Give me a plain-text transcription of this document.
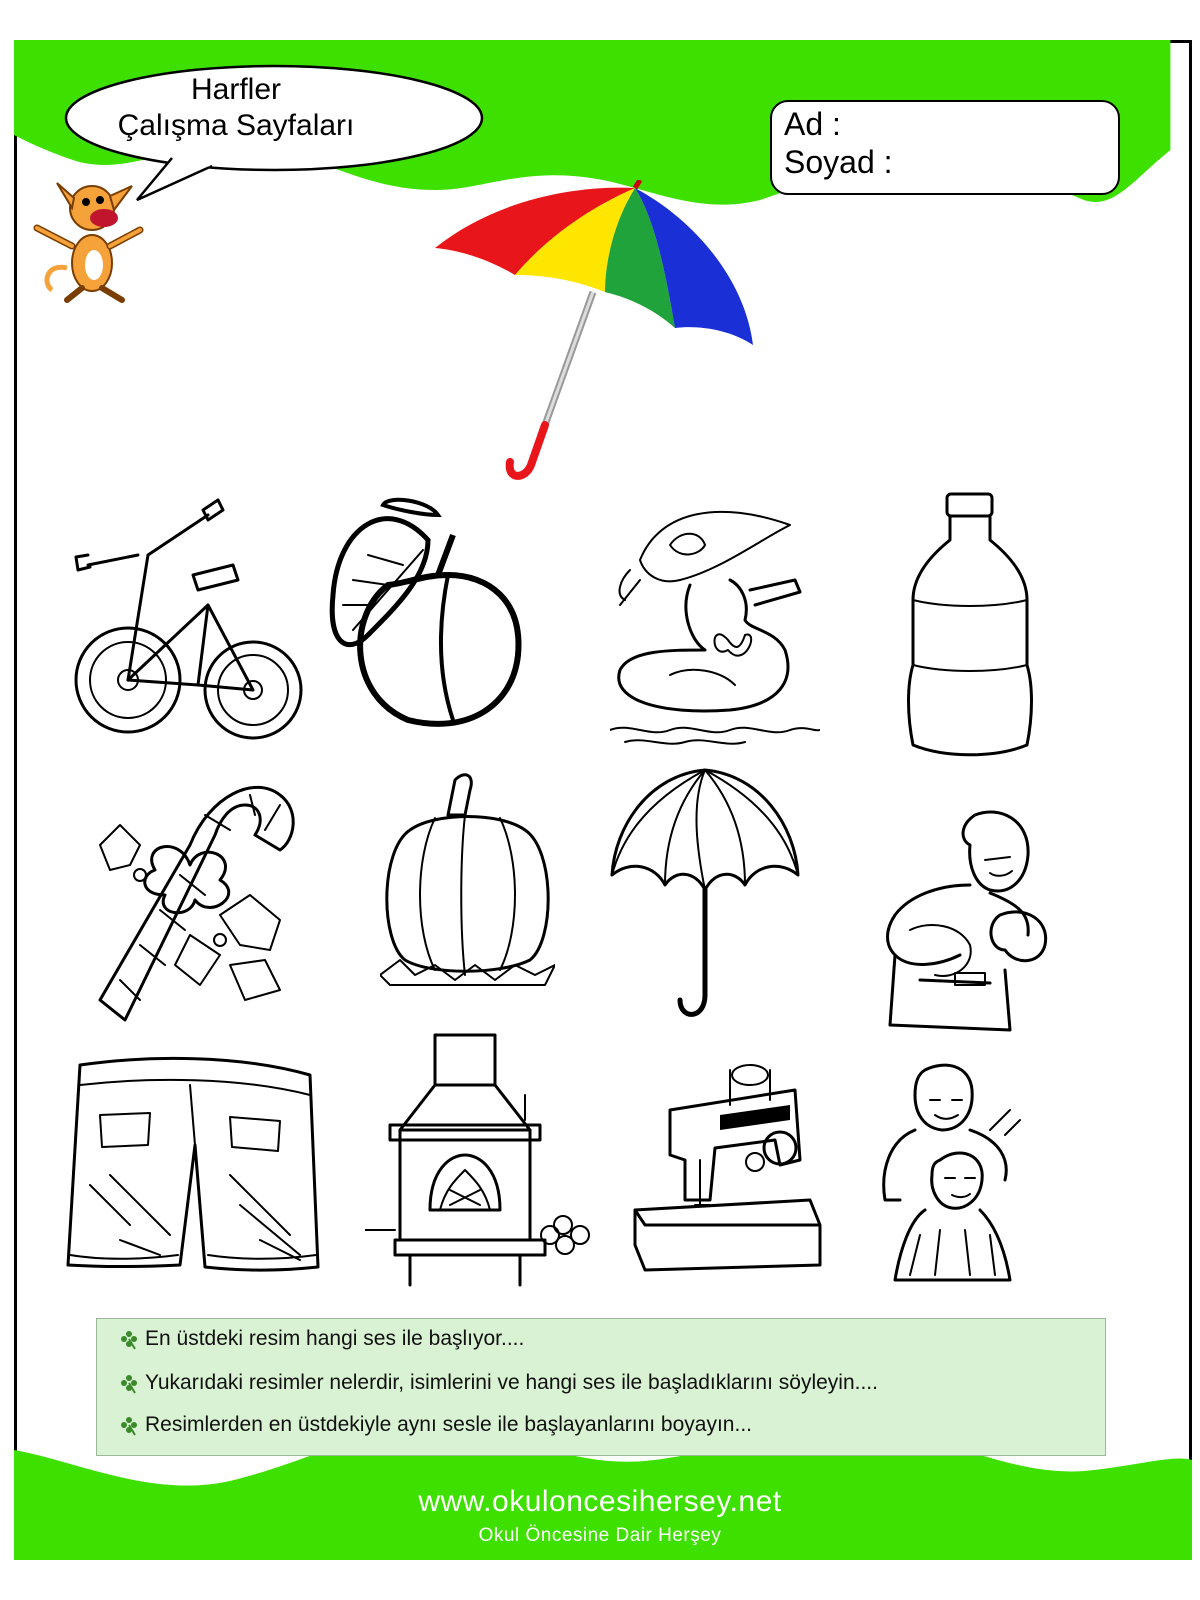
Harfler
Çalışma Sayfaları	Ad :
Soyad :
En üstdeki resim hangi ses ile başlıyor....
Yukarıdaki resimler nelerdir, isimlerini ve hangi ses ile başladıklarını söyleyin....
Resimlerden en üstdekiyle aynı sesle ile başlayanlarını boyayın...
www.okuloncesihersey.net
Okul Öncesine Dair Herşey
